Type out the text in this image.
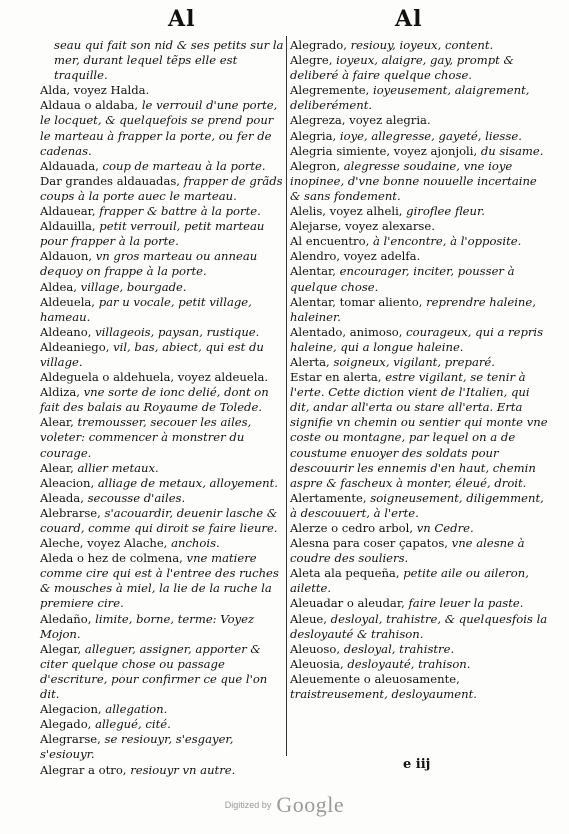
Al	Al

seau qui fait son nid & ses petits sur la mer, durant lequel tẽps elle est traquille.

Alda, voyez Halda.

Aldaua o aldaba, le verrouil d'une porte, le locquet, & quelquefois se prend pour le marteau à frapper la porte, ou fer de cadenas.

Aldauada, coup de marteau à la porte.

Dar grandes aldauadas, frapper de grãds coups à la porte auec le marteau.

Aldauear, frapper & battre à la porte.

Aldauilla, petit verrouil, petit marteau pour frapper à la porte.

Aldauon, vn gros marteau ou anneau dequoy on frappe à la porte.

Aldea, village, bourgade.

Aldeuela, par u vocale, petit village, hameau.

Aldeano, villageois, paysan, rustique.

Aldeaniego, vil, bas, abiect, qui est du village.

Aldeguela o aldehuela, voyez aldeuela.

Aldiza, vne sorte de ionc delié, dont on fait des balais au Royaume de Tolede.

Alear, tremousser, secouer les ailes, voleter: commencer à monstrer du courage.

Alear, allier metaux.

Aleacion, alliage de metaux, alloyement.

Aleada, secousse d'ailes.

Alebrarse, s'acouardir, deuenir lasche & couard, comme qui diroit se faire lieure.

Aleche, voyez Alache, anchois.

Aleda o hez de colmena, vne matiere comme cire qui est à l'entree des ruches & mousches à miel, la lie de la ruche la premiere cire.

Aledaño, limite, borne, terme: Voyez Mojon.

Alegar, alleguer, assigner, apporter & citer quelque chose ou passage d'escriture, pour confirmer ce que l'on dit.

Alegacion, allegation.

Alegado, allegué, cité.

Alegrarse, se resiouyr, s'esgayer, s'esiouyr.

Alegrar a otro, resiouyr vn autre.

Alegrado, resiouy, ioyeux, content.

Alegre, ioyeux, alaigre, gay, prompt & deliberé à faire quelque chose.

Alegremente, ioyeusement, alaigrement, deliberément.

Alegreza, voyez alegria.

Alegria, ioye, allegresse, gayeté, liesse.

Alegria simiente, voyez ajonjoli, du sisame.

Alegron, alegresse soudaine, vne ioye inopinee, d'vne bonne nouuelle incertaine & sans fondement.

Alelis, voyez alheli, giroflee fleur.

Alejarse, voyez alexarse.

Al encuentro, à l'encontre, à l'opposite.

Alendro, voyez adelfa.

Alentar, encourager, inciter, pousser à quelque chose.

Alentar, tomar aliento, reprendre haleine, haleiner.

Alentado, animoso, courageux, qui a repris haleine, qui a longue haleine.

Alerta, soigneux, vigilant, preparé.

Estar en alerta, estre vigilant, se tenir à l'erte. Cette diction vient de l'Italien, qui dit, andar all'erta ou stare all'erta. Erta signifie vn chemin ou sentier qui monte vne coste ou montagne, par lequel on a de coustume enuoyer des soldats pour descouurir les ennemis d'en haut, chemin aspre & fascheux à monter, éleué, droit.

Alertamente, soigneusement, diligemment, à descouuert, à l'erte.

Alerze o cedro arbol, vn Cedre.

Alesna para coser çapatos, vne alesne à coudre des souliers.

Aleta ala pequeña, petite aile ou aileron, ailette.

Aleuadar o aleudar, faire leuer la paste.

Aleue, desloyal, trahistre, & quelquesfois la desloyauté & trahison.

Aleuoso, desloyal, trahistre.

Aleuosia, desloyauté, trahison.

Aleuemente o aleuosamente, traistreusement, desloyaument.

e iij
Digitized by Google
